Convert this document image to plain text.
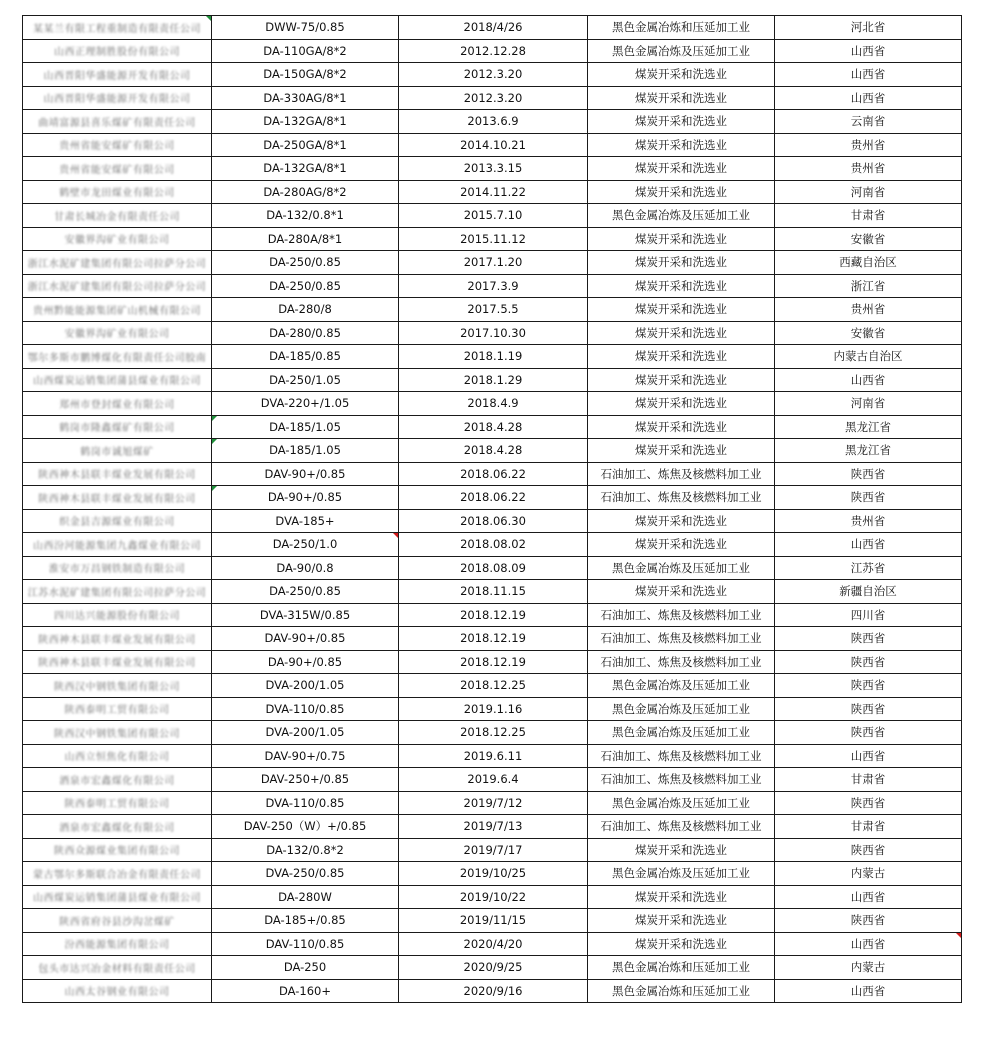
某某兰有限工程重制造有限责任公司	DWW-75/0.85	2018/4/26	黑色金属冶炼和压延加工业	河北省
山西正理制胜股份有限公司	DA-110GA/8*2	2012.12.28	黑色金属冶炼及压延加工业	山西省
山西晋阳华盛能源开发有限公司	DA-150GA/8*2	2012.3.20	煤炭开采和洗选业	山西省
山西晋阳华盛能源开发有限公司	DA-330AG/8*1	2012.3.20	煤炭开采和洗选业	山西省
曲靖富源县喜乐煤矿有限责任公司	DA-132GA/8*1	2013.6.9	煤炭开采和洗选业	云南省
贵州省能安煤矿有限公司	DA-250GA/8*1	2014.10.21	煤炭开采和洗选业	贵州省
贵州省能安煤矿有限公司	DA-132GA/8*1	2013.3.15	煤炭开采和洗选业	贵州省
鹤壁市龙田煤业有限公司	DA-280AG/8*2	2014.11.22	煤炭开采和洗选业	河南省
甘肃长城冶金有限责任公司	DA-132/0.8*1	2015.7.10	黑色金属冶炼及压延加工业	甘肃省
安徽界沟矿业有限公司	DA-280A/8*1	2015.11.12	煤炭开采和洗选业	安徽省
浙江水泥矿建集团有限公司拉萨分公司	DA-250/0.85	2017.1.20	煤炭开采和洗选业	西藏自治区
浙江水泥矿建集团有限公司拉萨分公司	DA-250/0.85	2017.3.9	煤炭开采和洗选业	浙江省
贵州黔能能源集团矿山机械有限公司	DA-280/8	2017.5.5	煤炭开采和洗选业	贵州省
安徽界沟矿业有限公司	DA-280/0.85	2017.10.30	煤炭开采和洗选业	安徽省
鄂尔多斯市鹏博煤化有限责任公司胶南	DA-185/0.85	2018.1.19	煤炭开采和洗选业	内蒙古自治区
山西煤炭运销集团蒲县煤业有限公司	DA-250/1.05	2018.1.29	煤炭开采和洗选业	山西省
郑州市登封煤业有限公司	DVA-220+/1.05	2018.4.9	煤炭开采和洗选业	河南省
鹤岗市隆鑫煤矿有限公司	DA-185/1.05	2018.4.28	煤炭开采和洗选业	黑龙江省
鹤岗市诚旭煤矿	DA-185/1.05	2018.4.28	煤炭开采和洗选业	黑龙江省
陕西神木县联丰煤业发展有限公司	DAV-90+/0.85	2018.06.22	石油加工、炼焦及核燃料加工业	陕西省
陕西神木县联丰煤业发展有限公司	DA-90+/0.85	2018.06.22	石油加工、炼焦及核燃料加工业	陕西省
织金县吉源煤业有限公司	DVA-185+	2018.06.30	煤炭开采和洗选业	贵州省
山西汾河能源集团九鑫煤业有限公司	DA-250/1.0	2018.08.02	煤炭开采和洗选业	山西省
淮安市万昌钢铁制造有限公司	DA-90/0.8	2018.08.09	黑色金属冶炼及压延加工业	江苏省
江苏水泥矿建集团有限公司拉萨分公司	DA-250/0.85	2018.11.15	煤炭开采和洗选业	新疆自治区
四川达兴能源股份有限公司	DVA-315W/0.85	2018.12.19	石油加工、炼焦及核燃料加工业	四川省
陕西神木县联丰煤业发展有限公司	DAV-90+/0.85	2018.12.19	石油加工、炼焦及核燃料加工业	陕西省
陕西神木县联丰煤业发展有限公司	DA-90+/0.85	2018.12.19	石油加工、炼焦及核燃料加工业	陕西省
陕西汉中钢铁集团有限公司	DVA-200/1.05	2018.12.25	黑色金属冶炼及压延加工业	陕西省
陕西泰明工贸有限公司	DVA-110/0.85	2019.1.16	黑色金属冶炼及压延加工业	陕西省
陕西汉中钢铁集团有限公司	DVA-200/1.05	2018.12.25	黑色金属冶炼及压延加工业	陕西省
山西立恒焦化有限公司	DAV-90+/0.75	2019.6.11	石油加工、炼焦及核燃料加工业	山西省
酒泉市宏鑫煤化有限公司	DAV-250+/0.85	2019.6.4	石油加工、炼焦及核燃料加工业	甘肃省
陕西泰明工贸有限公司	DVA-110/0.85	2019/7/12	黑色金属冶炼及压延加工业	陕西省
酒泉市宏鑫煤化有限公司	DAV-250（W）+/0.85	2019/7/13	石油加工、炼焦及核燃料加工业	甘肃省
陕西众源煤业集团有限公司	DA-132/0.8*2	2019/7/17	煤炭开采和洗选业	陕西省
蒙古鄂尔多斯联合冶金有限责任公司	DVA-250/0.85	2019/10/25	黑色金属冶炼及压延加工业	内蒙古
山西煤炭运销集团蒲县煤业有限公司	DA-280W	2019/10/22	煤炭开采和洗选业	山西省
陕西省府谷县沙沟岔煤矿	DA-185+/0.85	2019/11/15	煤炭开采和洗选业	陕西省
汾西能源集团有限公司	DAV-110/0.85	2020/4/20	煤炭开采和洗选业	山西省
包头市达兴冶金材料有限责任公司	DA-250	2020/9/25	黑色金属冶炼和压延加工业	内蒙古
山西太谷钢业有限公司	DA-160+	2020/9/16	黑色金属冶炼和压延加工业	山西省
